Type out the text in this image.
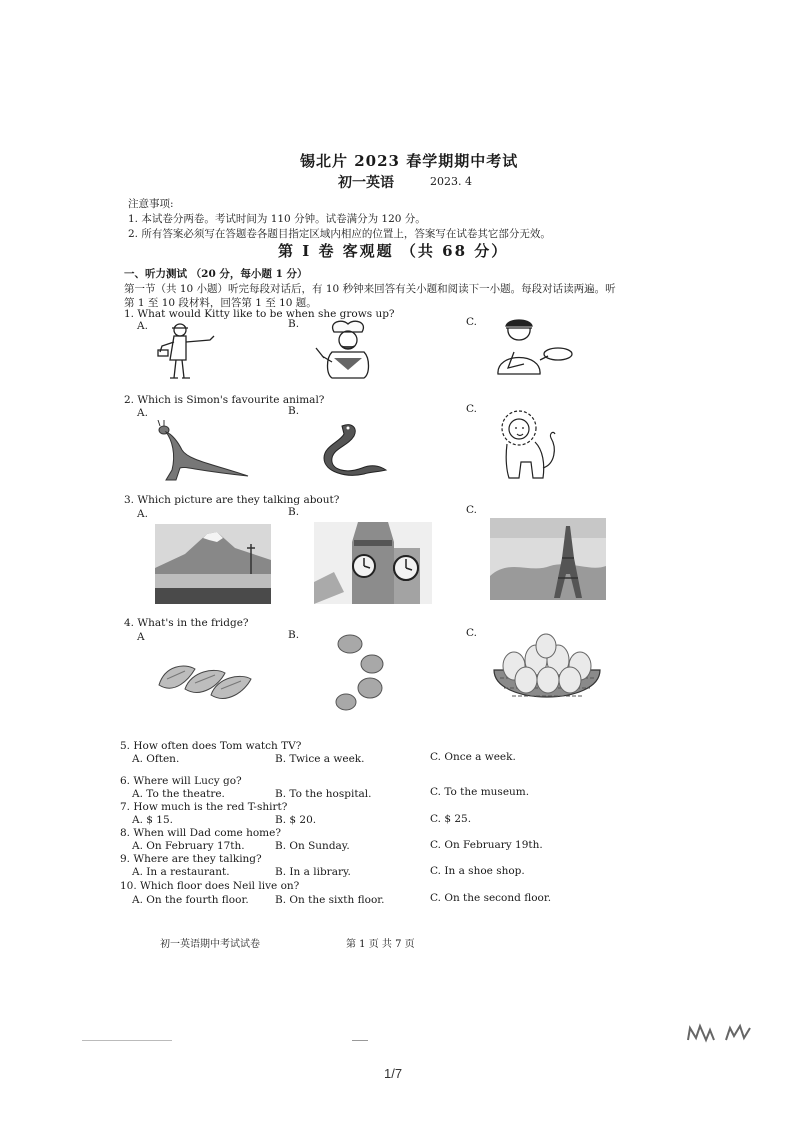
锡北片 2023 春学期期中考试
初一英语	2023. 4
注意事项:
1. 本试卷分两卷。考试时间为 110 分钟。试卷满分为 120 分。
2. 所有答案必须写在答题卷各题目指定区域内相应的位置上，答案写在试卷其它部分无效。
第 I 卷 客观题 （共 68 分）
一、听力测试 （20 分，每小题 1 分）
第一节（共 10 小题）听完每段对话后，有 10 秒钟来回答有关小题和阅读下一小题。每段对话读两遍。听
第 1 至 10 段材料，回答第 1 至 10 题。
1. What would Kitty like to be when she grows up?
A.	B.	C.
2. Which is Simon's favourite animal?
A.	B.	C.
3. Which picture are they talking about?
A.	B.	C.
4. What's in the fridge?
A	B.	C.
5. How often does Tom watch TV?
A. Often.	B. Twice a week.	C. Once a week.
6. Where will Lucy go?
A. To the theatre.	B. To the hospital.	C. To the museum.
7. How much is the red T-shirt?
A. $ 15.	B. $ 20.	C. $ 25.
8. When will Dad come home?
A. On February 17th.	B. On Sunday.	C. On February 19th.
9. Where are they talking?
A. In a restaurant.	B. In a library.	C. In a shoe shop.
10. Which floor does Neil live on?
A. On the fourth floor.	B. On the sixth floor.	C. On the second floor.
初一英语期中考试试卷	第 1 页 共 7 页
1/7
